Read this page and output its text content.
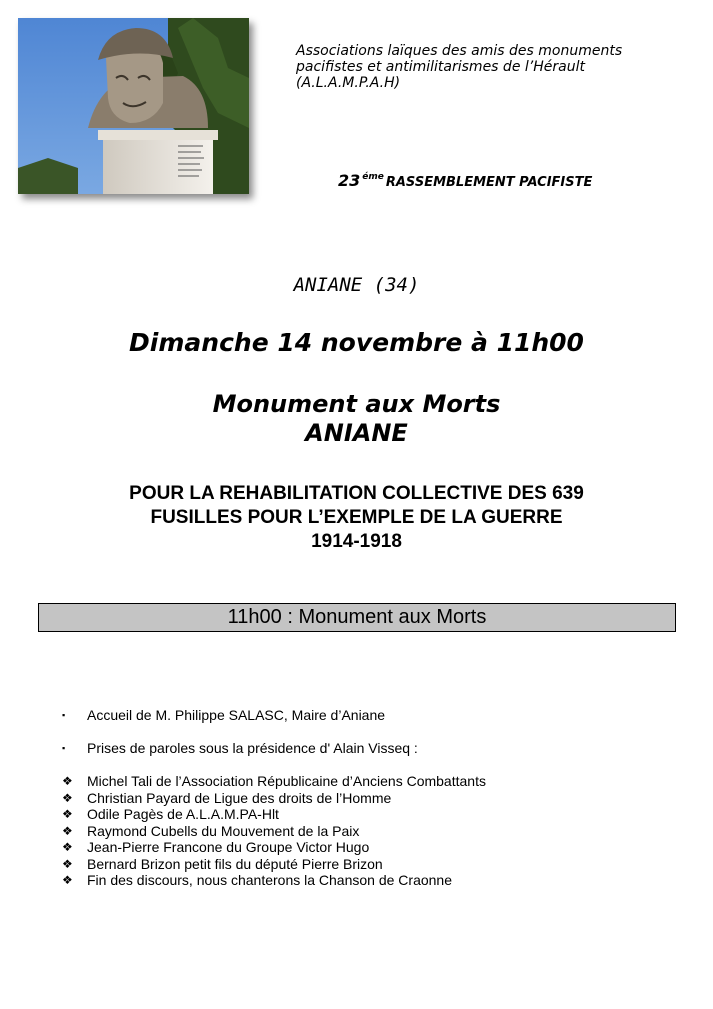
Associations laïques des amis des monuments
pacifistes et antimilitarismes de l’Hérault
(A.L.A.M.P.A.H)
23 $^{éme}$ RASSEMBLEMENT PACIFISTE
ANIANE (34)
Dimanche 14 novembre à 11h00
Monument aux Morts
ANIANE
POUR LA REHABILITATION COLLECTIVE DES 639
FUSILLES POUR L’EXEMPLE DE LA GUERRE
1914-1918
11h00 : Monument aux Morts
▪ Accueil de M. Philippe SALASC, Maire d’Aniane
▪ Prises de paroles sous la présidence d' Alain Visseq :
❖ Michel Tali de l’Association Républicaine d’Anciens Combattants
❖ Christian Payard de Ligue des droits de l’Homme
❖ Odile Pagès de A.L.A.M.PA-Hlt
❖ Raymond Cubells du Mouvement de la Paix
❖ Jean-Pierre Francone du Groupe Victor Hugo
❖ Bernard Brizon petit fils du député Pierre Brizon
❖ Fin des discours, nous chanterons la Chanson de Craonne
